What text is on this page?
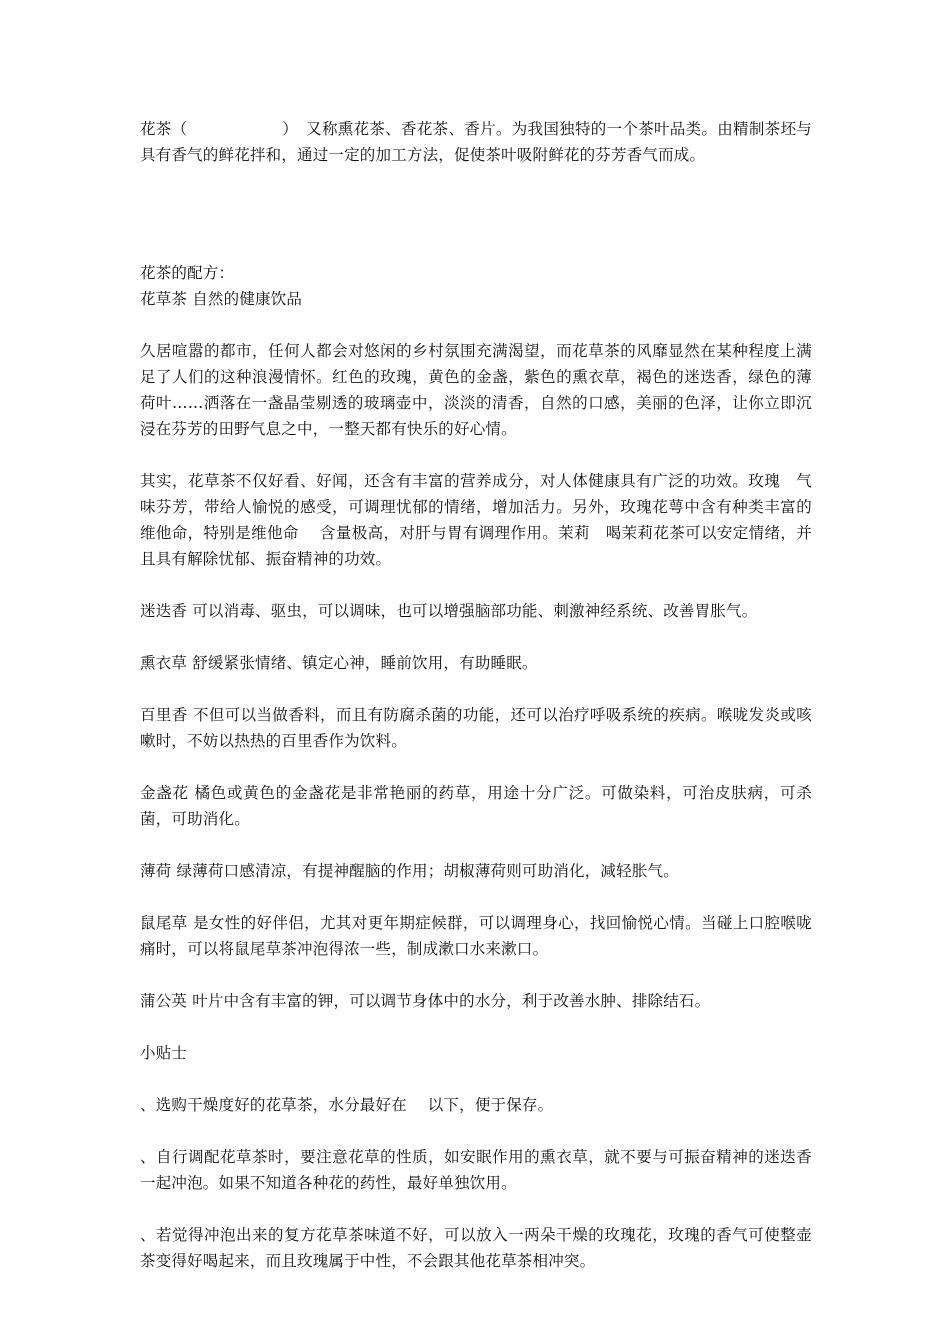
花茶（　　　　　　）　又称熏花茶、香花茶、香片。为我国独特的一个茶叶品类。由精制茶坯与具有香气的鲜花拌和，通过一定的加工方法，促使茶叶吸附鲜花的芬芳香气而成。

花茶的配方：

花草茶 自然的健康饮品

久居喧嚣的都市，任何人都会对悠闲的乡村氛围充满渴望，而花草茶的风靡显然在某种程度上满足了人们的这种浪漫情怀。红色的玫瑰，黄色的金盏，紫色的熏衣草，褐色的迷迭香，绿色的薄荷叶……洒落在一盏晶莹剔透的玻璃壶中，淡淡的清香，自然的口感，美丽的色泽，让你立即沉浸在芬芳的田野气息之中，一整天都有快乐的好心情。

其实，花草茶不仅好看、好闻，还含有丰富的营养成分，对人体健康具有广泛的功效。玫瑰　气味芬芳，带给人愉悦的感受，可调理忧郁的情绪，增加活力。另外，玫瑰花萼中含有种类丰富的维他命，特别是维他命　 含量极高，对肝与胃有调理作用。茉莉　喝茉莉花茶可以安定情绪，并且具有解除忧郁、振奋精神的功效。

迷迭香 可以消毒、驱虫，可以调味，也可以增强脑部功能、刺激神经系统、改善胃胀气。

熏衣草 舒缓紧张情绪、镇定心神，睡前饮用，有助睡眠。

百里香 不但可以当做香料，而且有防腐杀菌的功能，还可以治疗呼吸系统的疾病。喉咙发炎或咳嗽时，不妨以热热的百里香作为饮料。

金盏花 橘色或黄色的金盏花是非常艳丽的药草，用途十分广泛。可做染料，可治皮肤病，可杀菌，可助消化。

薄荷 绿薄荷口感清凉，有提神醒脑的作用；胡椒薄荷则可助消化，减轻胀气。

鼠尾草 是女性的好伴侣，尤其对更年期症候群，可以调理身心，找回愉悦心情。当碰上口腔喉咙痛时，可以将鼠尾草茶冲泡得浓一些，制成漱口水来漱口。

蒲公英 叶片中含有丰富的钾，可以调节身体中的水分，利于改善水肿、排除结石。

小贴士

、选购干燥度好的花草茶，水分最好在　 以下，便于保存。

、自行调配花草茶时，要注意花草的性质，如安眠作用的熏衣草，就不要与可振奋精神的迷迭香一起冲泡。如果不知道各种花的药性，最好单独饮用。

、若觉得冲泡出来的复方花草茶味道不好，可以放入一两朵干燥的玫瑰花，玫瑰的香气可使整壶茶变得好喝起来，而且玫瑰属于中性，不会跟其他花草茶相冲突。
